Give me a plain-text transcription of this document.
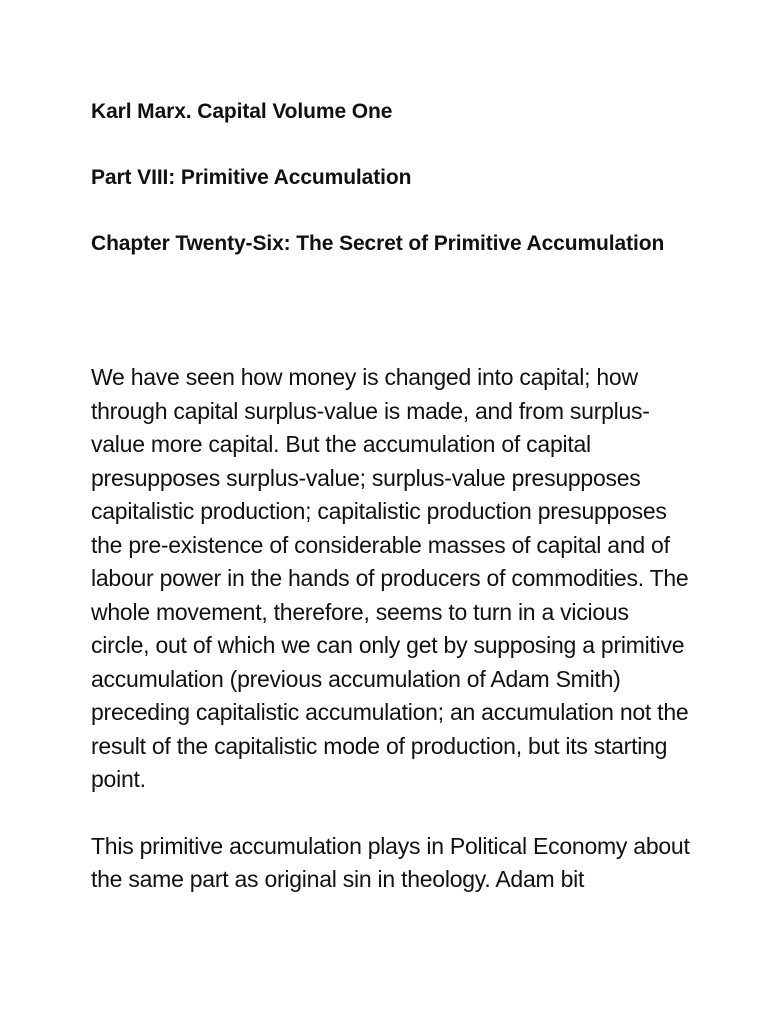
Karl Marx. Capital Volume One
Part VIII: Primitive Accumulation
Chapter Twenty-Six: The Secret of Primitive Accumulation

We have seen how money is changed into capital; how through capital surplus-value is made, and from surplus-value more capital. But the accumulation of capital presupposes surplus-value; surplus-value presupposes capitalistic production; capitalistic production presupposes the pre-existence of considerable masses of capital and of labour power in the hands of producers of commodities. The whole movement, therefore, seems to turn in a vicious circle, out of which we can only get by supposing a primitive accumulation (previous accumulation of Adam Smith) preceding capitalistic accumulation; an accumulation not the result of the capitalistic mode of production, but its starting point.

This primitive accumulation plays in Political Economy about the same part as original sin in theology. Adam bit
